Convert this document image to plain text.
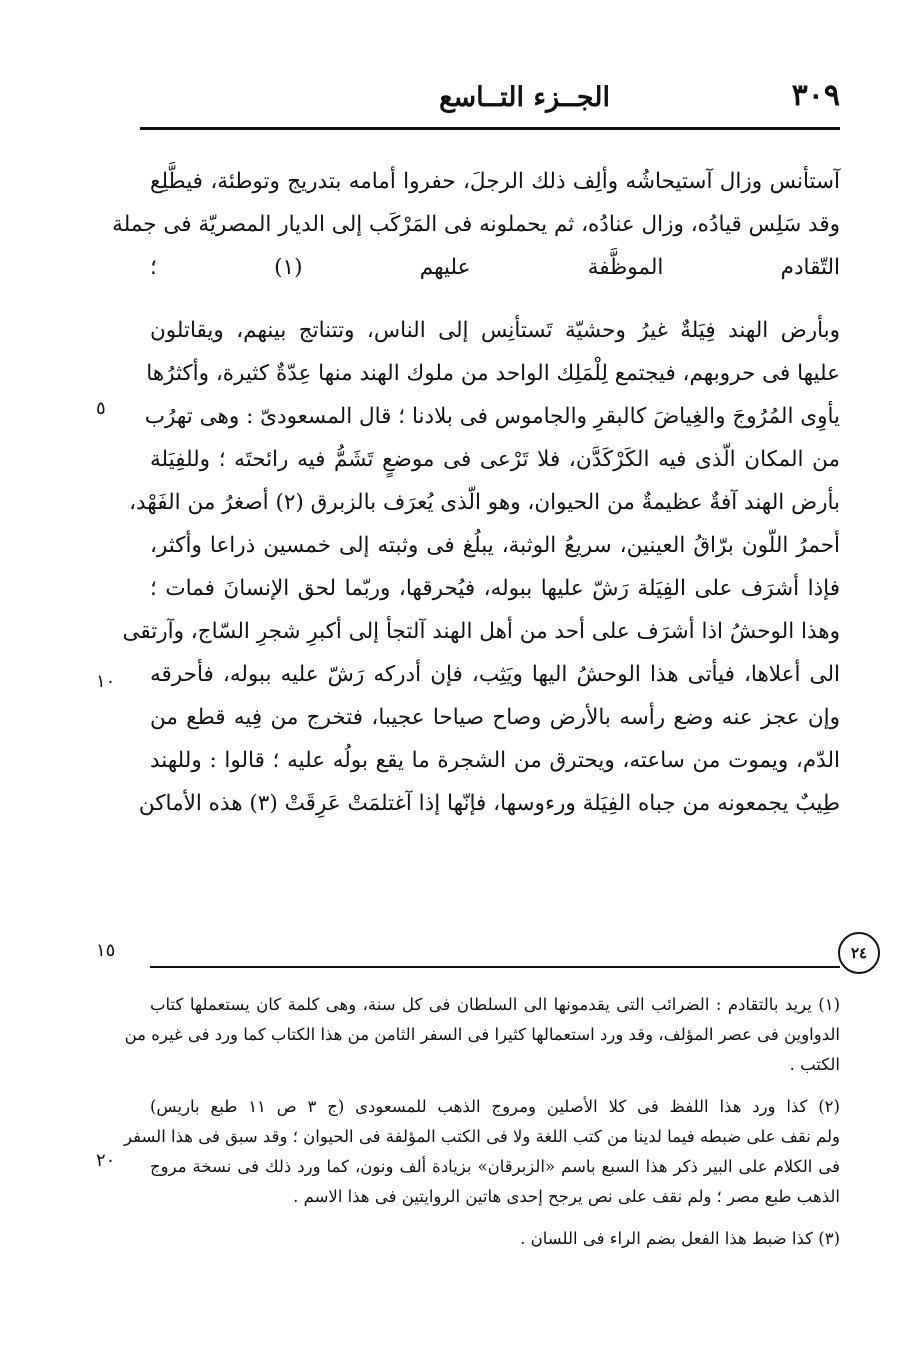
٣٠٩
الجــزء التــاسع
آستأنس وزال آستيحاشُه وألِف ذلك الرجلَ، حفروا أمامه بتدريج وتوطئة، فيطَّلِع
وقد سَلِس قيادُه، وزال عنادُه، ثم يحملونه فى المَرْكَب إلى الديار المصريّة فى جملة
التّقادم الموظَّفة عليهم (١) ؛
وبأرض الهند فِيَلةٌ غيرُ وحشيّة تَستأنِس إلى الناس، وتتناتج بينهم، ويقاتلون
عليها فى حروبهم، فيجتمع لِلْمَلِك الواحد من ملوك الهند منها عِدّةٌ كثيرة، وأكثرُها
يأوِى المُرُوجَ والغِياضَ كالبقرِ والجاموس فى بلادنا ؛ قال المسعودىّ : وهى تهرُب
من المكان الّذى فيه الكَرْكَدَّن، فلا تَرْعى فى موضعٍ تَشَمُّ فيه رائحتَه ؛ وللفِيَلة
بأرض الهند آفةٌ عظيمةٌ من الحيوان، وهو الّذى يُعرَف بالزبرق (٢) أصغرُ من الفَهْد،
أحمرُ اللّون برّاقُ العينين، سريعُ الوثبة، يبلُغ فى وثبته إلى خمسين ذراعا وأكثر،
فإذا أشرَف على الفِيَلة رَشّ عليها ببوله، فيُحرقها، وربّما لحق الإنسانَ فمات ؛
وهذا الوحشُ اذا أشرَف على أحد من أهل الهند آلتجأ إلى أكبرِ شجرِ السّاج، وآرتقى
الى أعلاها، فيأتى هذا الوحشُ اليها ويَثِب، فإن أدركه رَشّ عليه ببوله، فأحرقه
وإن عجز عنه وضع رأسه بالأرض وصاح صياحا عجيبا، فتخرج من فِيه قطع من
الدّم، ويموت من ساعته، ويحترق من الشجرة ما يقع بولُه عليه ؛ قالوا : وللهند
طِيبٌ يجمعونه من جباه الفِيَلة ورءوسها، فإنّها إذا آغتلمَتْ عَرِقَتْ (٣) هذه الأماكن
٥
١٠
١٥
٢٠
٢٤
(١) يريد بالتقادم : الضرائب التى يقدمونها الى السلطان فى كل سنة، وهى كلمة كان يستعملها كتاب
الدواوين فى عصر المؤلف، وقد ورد استعمالها كثيرا فى السفر الثامن من هذا الكتاب كما ورد فى غيره من
الكتب .
(٢) كذا ورد هذا اللفظ فى كلا الأصلين ومروج الذهب للمسعودى (ج ٣ ص ١١ طبع باريس)
ولم نقف على ضبطه فيما لدينا من كتب اللغة ولا فى الكتب المؤلفة فى الحيوان ؛ وقد سبق فى هذا السفر
فى الكلام على البير ذكر هذا السبع باسم «الزبرقان» بزيادة ألف ونون، كما ورد ذلك فى نسخة مروج
الذهب طبع مصر ؛ ولم نقف على نص يرجح إحدى هاتين الروايتين فى هذا الاسم .
(٣) كذا ضبط هذا الفعل بضم الراء فى اللسان .
